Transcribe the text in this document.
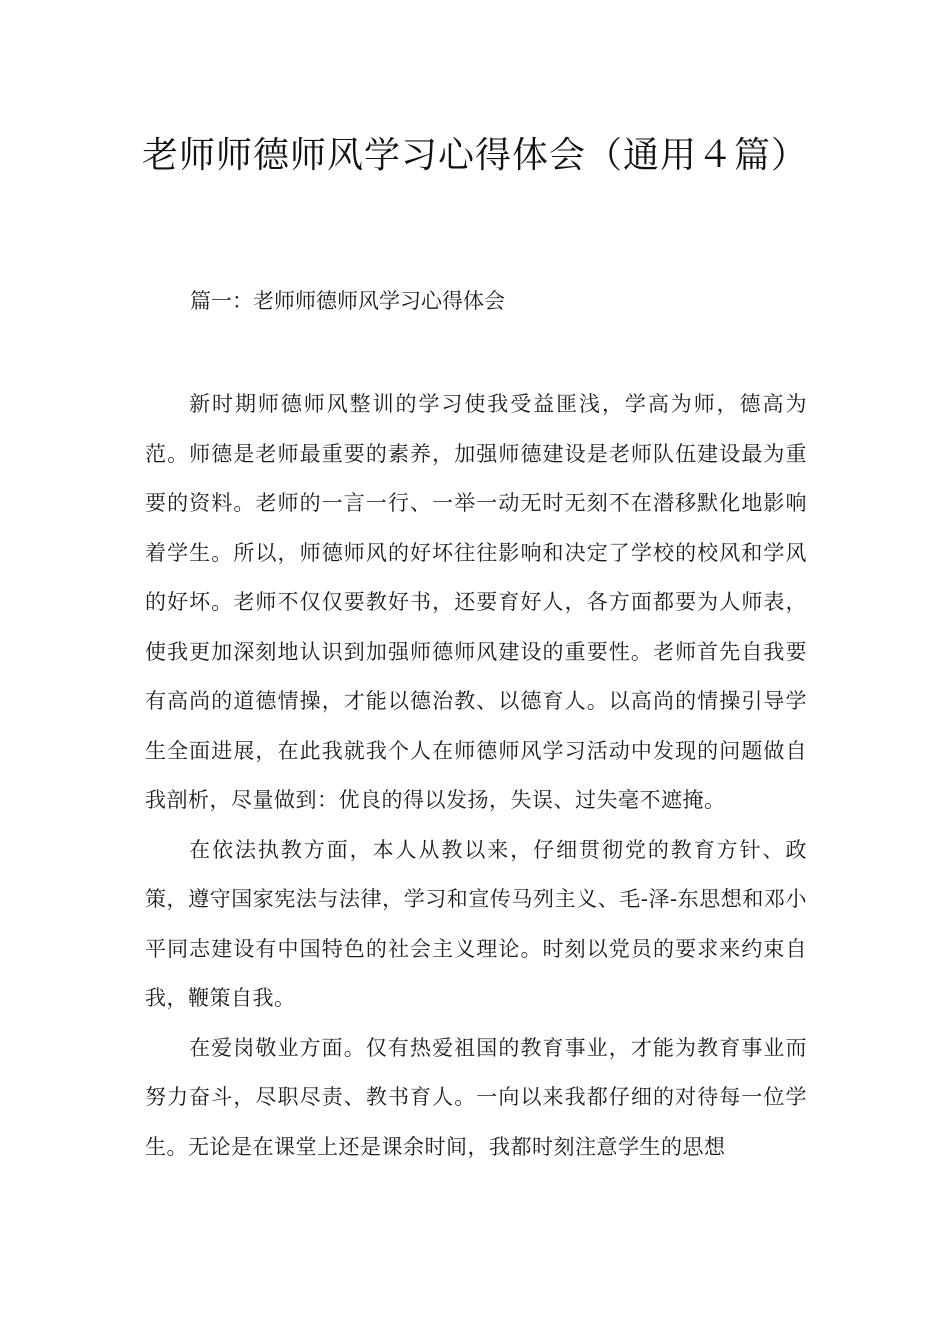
老师师德师风学习心得体会（通用４篇）
篇一：老师师德师风学习心得体会

新时期师德师风整训的学习使我受益匪浅，学高为师，德高为范。师德是老师最重要的素养，加强师德建设是老师队伍建设最为重要的资料。老师的一言一行、一举一动无时无刻不在潜移默化地影响着学生。所以，师德师风的好坏往往影响和决定了学校的校风和学风的好坏。老师不仅仅要教好书，还要育好人，各方面都要为人师表，使我更加深刻地认识到加强师德师风建设的重要性。老师首先自我要有高尚的道德情操，才能以德治教、以德育人。以高尚的情操引导学生全面进展，在此我就我个人在师德师风学习活动中发现的问题做自我剖析，尽量做到：优良的得以发扬，失误、过失毫不遮掩。

在依法执教方面，本人从教以来，仔细贯彻党的教育方针、政策，遵守国家宪法与法律，学习和宣传马列主义、毛-泽-东思想和邓小平同志建设有中国特色的社会主义理论。时刻以党员的要求来约束自我，鞭策自我。

在爱岗敬业方面。仅有热爱祖国的教育事业，才能为教育事业而努力奋斗，尽职尽责、教书育人。一向以来我都仔细的对待每一位学生。无论是在课堂上还是课余时间，我都时刻注意学生的思想
